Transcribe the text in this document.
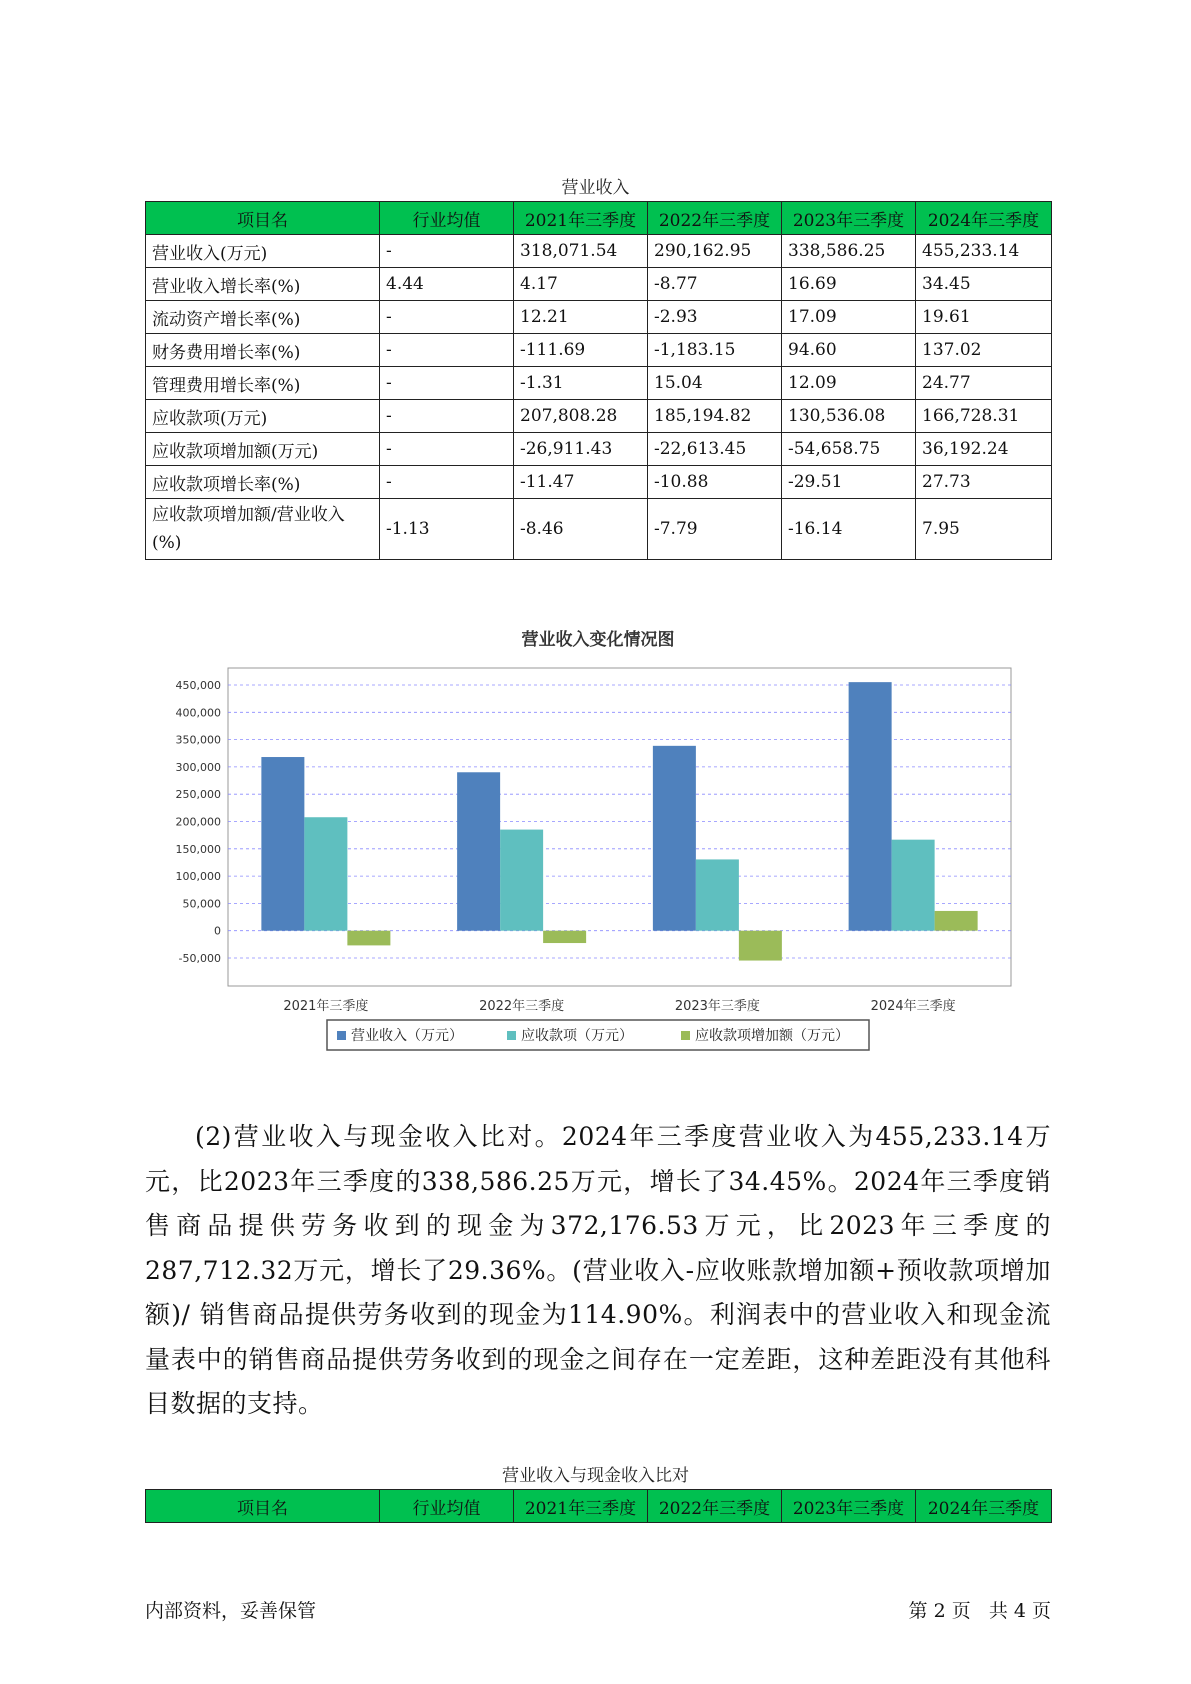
营业收入
项目名	行业均值	2021年三季度	2022年三季度	2023年三季度	2024年三季度
营业收入(万元)	-	318,071.54	290,162.95	338,586.25	455,233.14
营业收入增长率(%)	4.44	4.17	-8.77	16.69	34.45
流动资产增长率(%)	-	12.21	-2.93	17.09	19.61
财务费用增长率(%)	-	-111.69	-1,183.15	94.60	137.02
管理费用增长率(%)	-	-1.31	15.04	12.09	24.77
应收款项(万元)	-	207,808.28	185,194.82	130,536.08	166,728.31
应收款项增加额(万元)	-	-26,911.43	-22,613.45	-54,658.75	36,192.24
应收款项增长率(%)	-	-11.47	-10.88	-29.51	27.73
应收款项增加额/营业收入(%)	-1.13	-8.46	-7.79	-16.14	7.95
营业收入变化情况图
450,000
400,000
350,000
300,000
250,000
200,000
150,000
100,000
50,000
0
-50,000
2021年三季度	2022年三季度	2023年三季度	2024年三季度
营业收入（万元）	应收款项（万元）	应收款项增加额（万元）

(2)营业收入与现金收入比对。2024年三季度营业收入为455,233.14万元，比2023年三季度的338,586.25万元，增长了34.45%。2024年三季度销售商品提供劳务收到的现金为372,176.53万元，比2023年三季度的287,712.32万元，增长了29.36%。(营业收入-应收账款增加额+预收款项增加额)/ 销售商品提供劳务收到的现金为114.90%。利润表中的营业收入和现金流量表中的销售商品提供劳务收到的现金之间存在一定差距，这种差距没有其他科目数据的支持。

营业收入与现金收入比对
项目名	行业均值	2021年三季度	2022年三季度	2023年三季度	2024年三季度
内部资料，妥善保管	第 2 页   共 4 页
